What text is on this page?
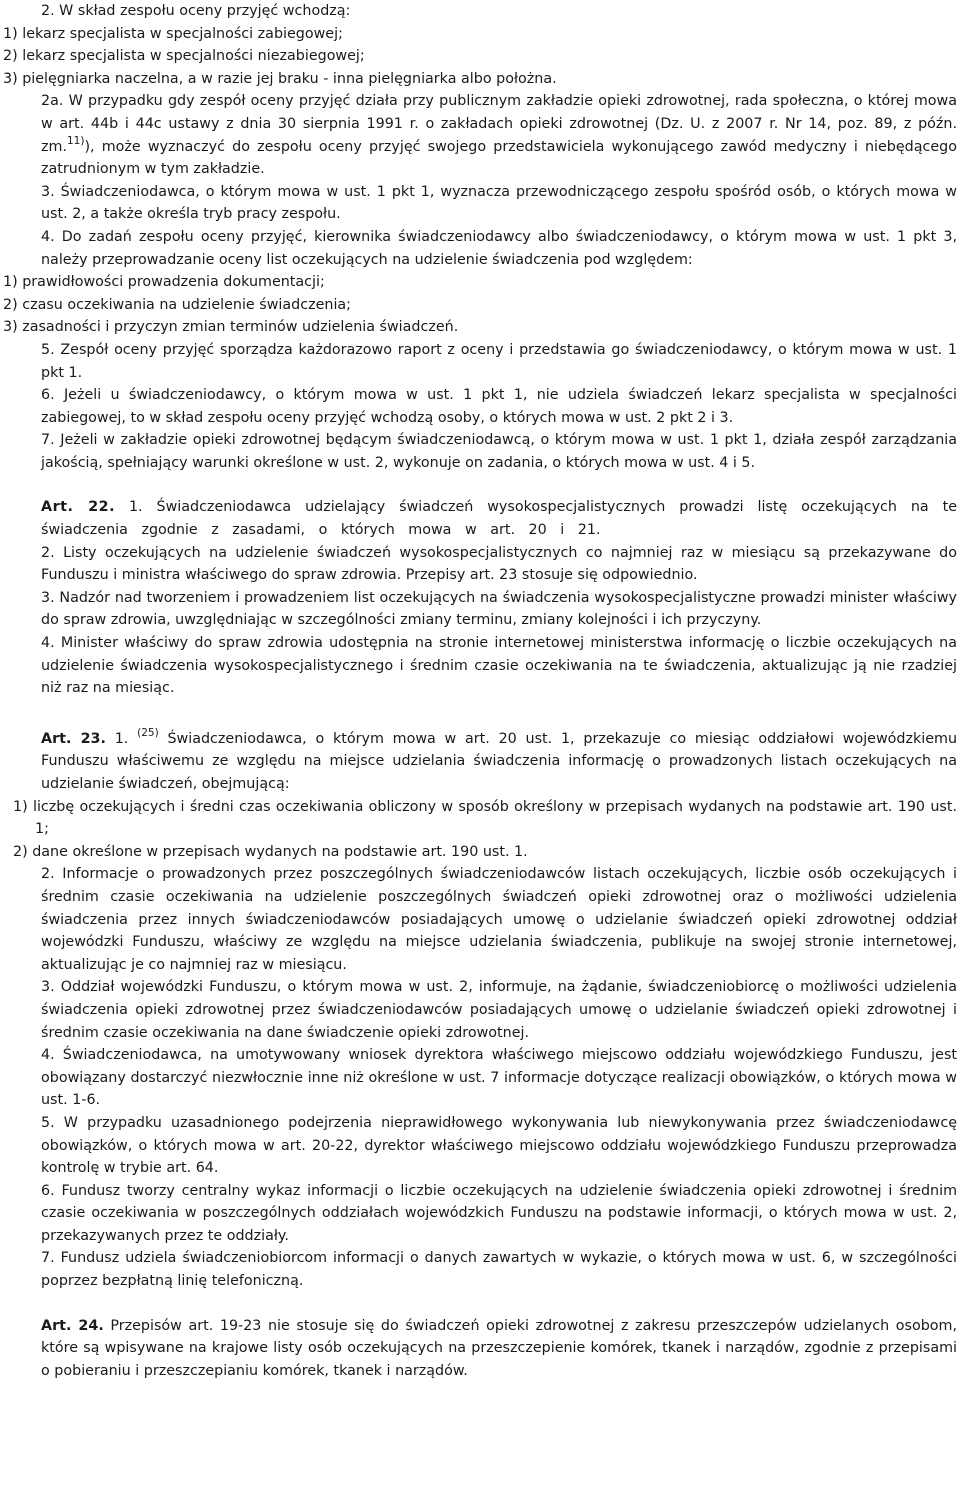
2. W skład zespołu oceny przyjęć wchodzą:

1) lekarz specjalista w specjalności zabiegowej;

2) lekarz specjalista w specjalności niezabiegowej;

3) pielęgniarka naczelna, a w razie jej braku - inna pielęgniarka albo położna.

2a. W przypadku gdy zespół oceny przyjęć działa przy publicznym zakładzie opieki zdrowotnej, rada społeczna, o której mowa w art. 44b i 44c ustawy z dnia 30 sierpnia 1991 r. o zakładach opieki zdrowotnej (Dz. U. z 2007 r. Nr 14, poz. 89, z późn. zm.$^{11)}$), może wyznaczyć do zespołu oceny przyjęć swojego przedstawiciela wykonującego zawód medyczny i niebędącego zatrudnionym w tym zakładzie.

3. Świadczeniodawca, o którym mowa w ust. 1 pkt 1, wyznacza przewodniczącego zespołu spośród osób, o których mowa w ust. 2, a także określa tryb pracy zespołu.

4. Do zadań zespołu oceny przyjęć, kierownika świadczeniodawcy albo świadczeniodawcy, o którym mowa w ust. 1 pkt 3, należy przeprowadzanie oceny list oczekujących na udzielenie świadczenia pod względem:

1) prawidłowości prowadzenia dokumentacji;

2) czasu oczekiwania na udzielenie świadczenia;

3) zasadności i przyczyn zmian terminów udzielenia świadczeń.

5. Zespół oceny przyjęć sporządza każdorazowo raport z oceny i przedstawia go świadczeniodawcy, o którym mowa w ust. 1 pkt 1.

6. Jeżeli u świadczeniodawcy, o którym mowa w ust. 1 pkt 1, nie udziela świadczeń lekarz specjalista w specjalności zabiegowej, to w skład zespołu oceny przyjęć wchodzą osoby, o których mowa w ust. 2 pkt 2 i 3.

7. Jeżeli w zakładzie opieki zdrowotnej będącym świadczeniodawcą, o którym mowa w ust. 1 pkt 1, działa zespół zarządzania jakością, spełniający warunki określone w ust. 2, wykonuje on zadania, o których mowa w ust. 4 i 5.

Art. 22. 1. Świadczeniodawca udzielający świadczeń wysokospecjalistycznych prowadzi listę oczekujących na te świadczenia zgodnie z zasadami, o których mowa w art. 20 i 21.

2. Listy oczekujących na udzielenie świadczeń wysokospecjalistycznych co najmniej raz w miesiącu są przekazywane do Funduszu i ministra właściwego do spraw zdrowia. Przepisy art. 23 stosuje się odpowiednio.

3. Nadzór nad tworzeniem i prowadzeniem list oczekujących na świadczenia wysokospecjalistyczne prowadzi minister właściwy do spraw zdrowia, uwzględniając w szczególności zmiany terminu, zmiany kolejności i ich przyczyny.

4. Minister właściwy do spraw zdrowia udostępnia na stronie internetowej ministerstwa informację o liczbie oczekujących na udzielenie świadczenia wysokospecjalistycznego i średnim czasie oczekiwania na te świadczenia, aktualizując ją nie rzadziej niż raz na miesiąc.

Art. 23. 1. $^{(25)}$ Świadczeniodawca, o którym mowa w art. 20 ust. 1, przekazuje co miesiąc oddziałowi wojewódzkiemu Funduszu właściwemu ze względu na miejsce udzielania świadczenia informację o prowadzonych listach oczekujących na udzielanie świadczeń, obejmującą:

1) liczbę oczekujących i średni czas oczekiwania obliczony w sposób określony w przepisach wydanych na podstawie art. 190 ust. 1;

2) dane określone w przepisach wydanych na podstawie art. 190 ust. 1.

2. Informacje o prowadzonych przez poszczególnych świadczeniodawców listach oczekujących, liczbie osób oczekujących i średnim czasie oczekiwania na udzielenie poszczególnych świadczeń opieki zdrowotnej oraz o możliwości udzielenia świadczenia przez innych świadczeniodawców posiadających umowę o udzielanie świadczeń opieki zdrowotnej oddział wojewódzki Funduszu, właściwy ze względu na miejsce udzielania świadczenia, publikuje na swojej stronie internetowej, aktualizując je co najmniej raz w miesiącu.

3. Oddział wojewódzki Funduszu, o którym mowa w ust. 2, informuje, na żądanie, świadczeniobiorcę o możliwości udzielenia świadczenia opieki zdrowotnej przez świadczeniodawców posiadających umowę o udzielanie świadczeń opieki zdrowotnej i średnim czasie oczekiwania na dane świadczenie opieki zdrowotnej.

4. Świadczeniodawca, na umotywowany wniosek dyrektora właściwego miejscowo oddziału wojewódzkiego Funduszu, jest obowiązany dostarczyć niezwłocznie inne niż określone w ust. 7 informacje dotyczące realizacji obowiązków, o których mowa w ust. 1-6.

5. W przypadku uzasadnionego podejrzenia nieprawidłowego wykonywania lub niewykonywania przez świadczeniodawcę obowiązków, o których mowa w art. 20-22, dyrektor właściwego miejscowo oddziału wojewódzkiego Funduszu przeprowadza kontrolę w trybie art. 64.

6. Fundusz tworzy centralny wykaz informacji o liczbie oczekujących na udzielenie świadczenia opieki zdrowotnej i średnim czasie oczekiwania w poszczególnych oddziałach wojewódzkich Funduszu na podstawie informacji, o których mowa w ust. 2, przekazywanych przez te oddziały.

7. Fundusz udziela świadczeniobiorcom informacji o danych zawartych w wykazie, o których mowa w ust. 6, w szczególności poprzez bezpłatną linię telefoniczną.

Art. 24. Przepisów art. 19-23 nie stosuje się do świadczeń opieki zdrowotnej z zakresu przeszczepów udzielanych osobom, które są wpisywane na krajowe listy osób oczekujących na przeszczepienie komórek, tkanek i narządów, zgodnie z przepisami o pobieraniu i przeszczepianiu komórek, tkanek i narządów.
